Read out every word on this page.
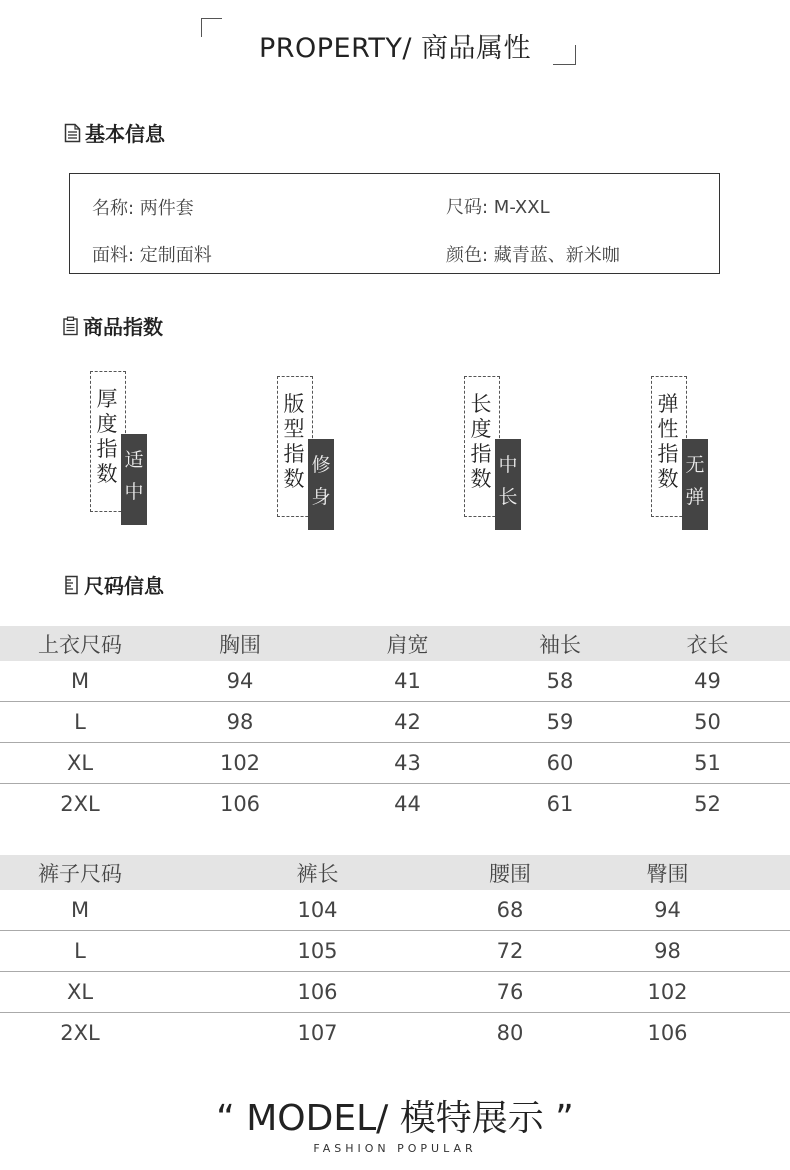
PROPERTY/ 商品属性
基本信息
名称: 两件套	尺码: M-XXL
面料: 定制面料	颜色: 藏青蓝、新米咖
商品指数
厚
度
指
数
适
中
版
型
指
数
修
身
长
度
指
数
中
长
弹
性
指
数
无
弹
尺码信息
上衣尺码	胸围	肩宽	袖长	衣长
M	94	41	58	49
L	98	42	59	50
XL	102	43	60	51
2XL	106	44	61	52
裤子尺码	裤长	腰围	臀围
M	104	68	94
L	105	72	98
XL	106	76	102
2XL	107	80	106
“ MODEL/ 模特展示 ”
FASHION POPULAR
